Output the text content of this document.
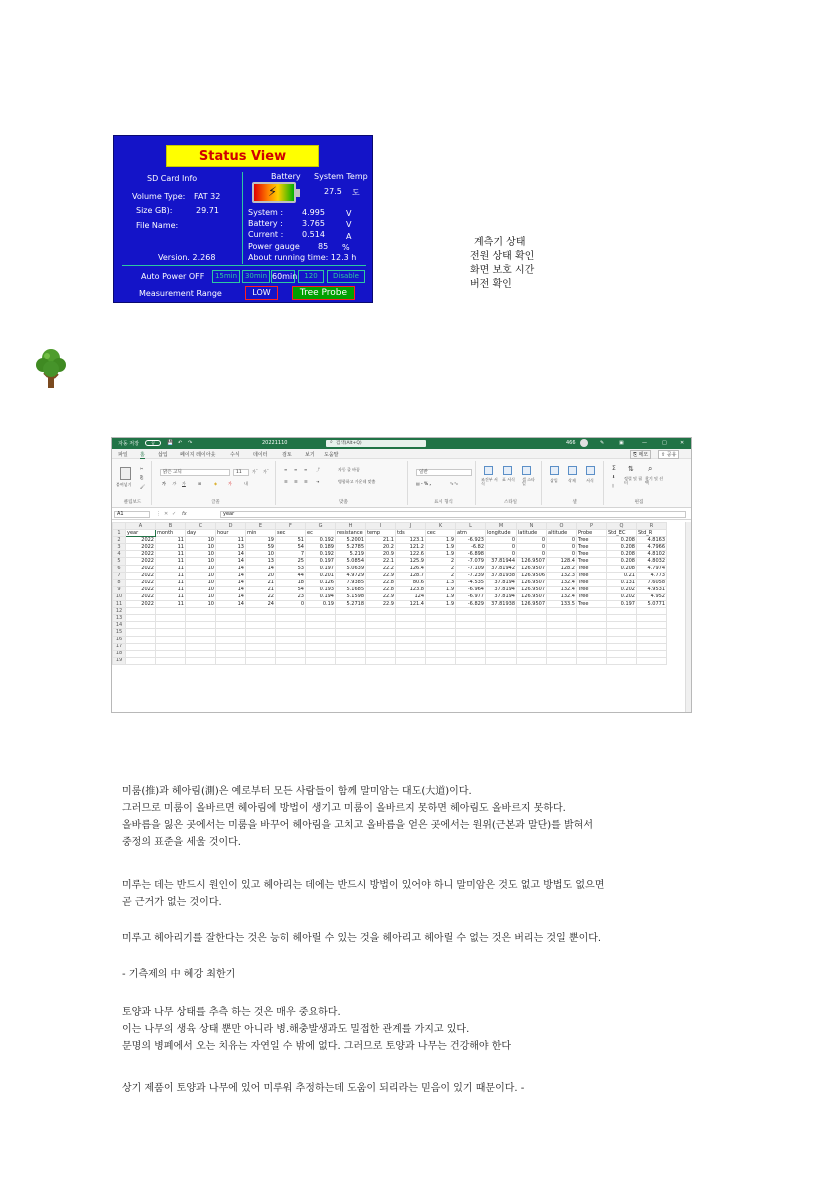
Status View
SD Card Info	Battery System Temp
⚡	27.5 도
Volume Type: FAT 32
Size GB):	29.71
File Name:
System : 4.995	V
Battery : 3.765	V
Current : 0.514	A
Power gauge 85 %
Version. 2.268	About running time: 12.3 h
Auto Power OFF	15min	30min 60min	120	Disable
Measurement Range	LOW	Tree Probe
계측기 상태
전원 상태 확인
화면 보호 시간
버전 확인
자동 저장	끔	💾 ↶ ↷	20221110	검색(Alt+Q)
⌕	466	✎	▣	—	□	✕
파일 홈	삽입 페이지 레이아웃	수식	데이터	검토	보기 도움말	⎘ 메모	⇪ 공유
붙여넣기
✂
⎘
🖌
클립보드
맑은 고딕	11	가ˆ 가ˇ
가 가 가	⊞	◈	가	내
글꼴
≡ ≡ ≡ ⤴	자동 줄 바꿈
☰ ☰ ☰ ⇥	병합하고 가운데 맞춤
맞춤
일반
▤ · % ,	⁰₀ ⁰₀
표시 형식
조건부 서식
표 서식	셀 스타일
스타일
삽입	삭제	서식
셀
Σ
⬇
◊
⇅ ⌕
정렬 및 필터
찾기 및 선택
편집
A1	⋮ ✕ ✓ fx	year
	A	B	C	D	E	F	G	H	I	J	K	L	M	N	O	P	Q	R
1	year	month	day	hour	min	sec	ec	resistance	temp	tds	cec	atm	longitude	latitude	altitude	Probe	Std_EC	Std_R
2	2022	11	10	11	19	51	0.192	5.2001	21.1	123.1	1.9	-6.923	0	0	0	Tree	0.208	4.8163
3	2022	11	10	13	59	54	0.189	5.2785	20.2	121.2	1.9	-6.82	0	0	0	Tree	0.208	4.7966
4	2022	11	10	14	10	7	0.192	5.219	20.9	122.6	1.9	-6.898	0	0	0	Tree	0.208	4.8102
5	2022	11	10	14	13	25	0.197	5.0854	22.1	125.9	2	-7.079	37.81944	126.9507	128.4	Tree	0.208	4.8032
6	2022	11	10	14	14	53	0.197	5.0639	22.2	126.4	2	-7.109	37.81942	126.9507	128.2	Tree	0.208	4.7974
7	2022	11	10	14	20	44	0.201	4.9729	22.9	128.7	2	-7.239	37.81938	126.9506	132.3	Tree	0.21	4.773
8	2022	11	10	14	21	18	0.126	7.9385	22.8	80.6	1.3	-4.535	37.8194	126.9507	132.4	Tree	0.131	7.6058
9	2022	11	10	14	21	54	0.193	5.1685	22.8	123.8	1.9	-6.964	37.8194	126.9507	132.4	Tree	0.202	4.9531
10	2022	11	10	14	22	23	0.194	5.1598	22.9	124	1.9	-6.977	37.8194	126.9507	132.4	Tree	0.202	4.952
11	2022	11	10	14	24	0	0.19	5.2718	22.9	121.4	1.9	-6.829	37.81938	126.9507	133.5	Tree	0.197	5.0771
12																		
13																		
14																		
15																		
16																		
17																		
18																		
19																		
미룸(推)과 헤아림(測)은 예로부터 모든 사람들이 함께 말미암는 대도(大道)이다.
그러므로 미룸이 올바르면 헤아림에 방법이 생기고 미룸이 올바르지 못하면 헤아림도 올바르지 못하다.
올바름을 잃은 곳에서는 미룸을 바꾸어 헤아림을 고치고 올바름을 얻은 곳에서는 원위(근본과 말단)를 밝혀서
중정의 표준을 세울 것이다.
미루는 데는 반드시 원인이 있고 헤아리는 데에는 반드시 방법이 있어야 하니 말미암은 것도 없고 방법도 없으면
곧 근거가 없는 것이다.
미루고 헤아리기를 잘한다는 것은 능히 헤아릴 수 있는 것을 헤아리고 헤아릴 수 없는 것은 버리는 것일 뿐이다.
- 기측제의 中 혜강 최한기
토양과 나무 상태를 추측 하는 것은 매우 중요하다.
이는 나무의 생육 상태 뿐만 아니라 병.해충발생과도 밀접한 관계를 가지고 있다.
문명의 병폐에서 오는 치유는 자연일 수 밖에 없다. 그러므로 토양과 나무는 건강해야 한다
상기 제품이 토양과 나무에 있어 미루워 추정하는데 도움이 되리라는 믿음이 있기 때문이다. -
